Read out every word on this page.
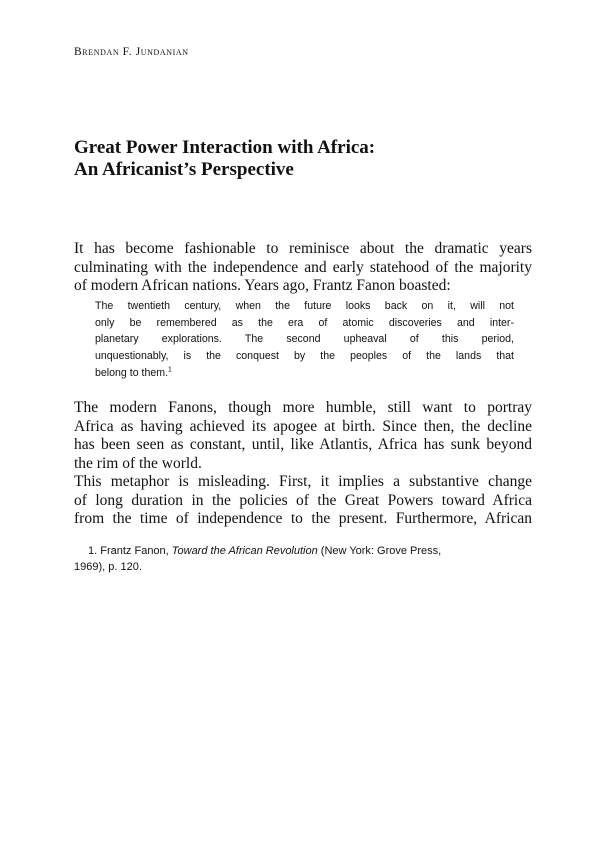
Brendan F. Jundanian
Great Power Interaction with Africa:
An Africanist’s Perspective
It has become fashionable to reminisce about the dramatic years
culminating with the independence and early statehood of the majority
of modern African nations. Years ago, Frantz Fanon boasted:
The twentieth century, when the future looks back on it, will not
only be remembered as the era of atomic discoveries and inter-
planetary explorations. The second upheaval of this period,
unquestionably, is the conquest by the peoples of the lands that
belong to them.$^1$
The modern Fanons, though more humble, still want to portray
Africa as having achieved its apogee at birth. Since then, the decline
has been seen as constant, until, like Atlantis, Africa has sunk beyond
the rim of the world.
This metaphor is misleading. First, it implies a substantive change
of long duration in the policies of the Great Powers toward Africa
from the time of independence to the present. Furthermore, African
1. Frantz Fanon, Toward the African Revolution (New York: Grove Press,
1969), p. 120.
